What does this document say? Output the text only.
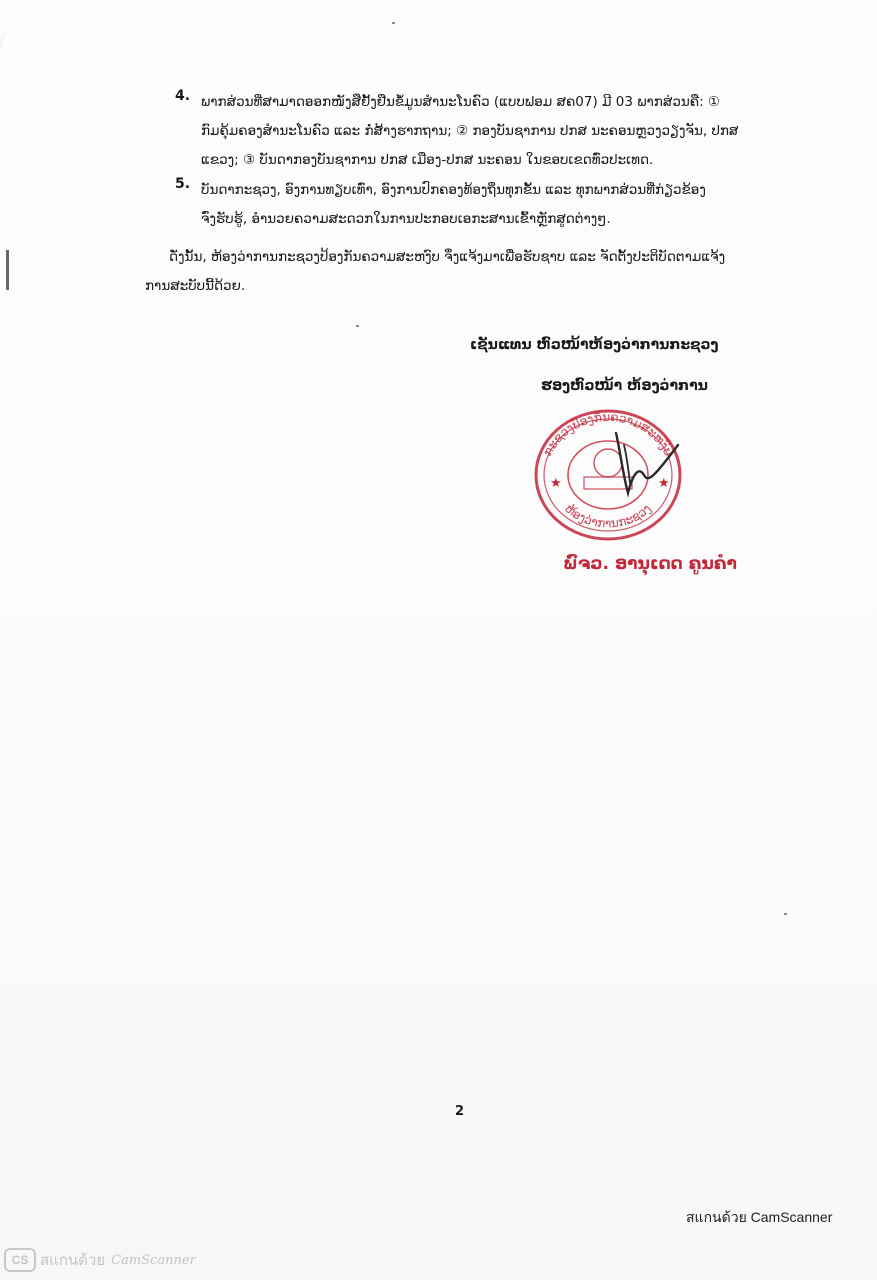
4. ພາກສ່ວນທີ່ສາມາດອອກໜັງສືຢັ້ງຢືນຂໍ້ມູນສໍານະໂນຄົວ (ແບບຟອມ ສຄ07) ມີ 03 ພາກສ່ວນຄື: ①
ກົມຄຸ້ມຄອງສໍານະໂນຄົວ ແລະ ກໍ່ສ້າງຮາກຖານ; ② ກອງບັນຊາການ ປກສ ນະຄອນຫຼວງວຽງຈັນ, ປກສ
ແຂວງ; ③ ບັນດາກອງບັນຊາການ ປກສ ເມືອງ-ປກສ ນະຄອນ ໃນຂອບເຂດທົ່ວປະເທດ.
5. ບັນດາກະຊວງ, ອົງການທຽບເທົ່າ, ອົງການປົກຄອງທ້ອງຖິ່ນທຸກຂັ້ນ ແລະ ທຸກພາກສ່ວນທີ່ກ່ຽວຂ້ອງ
ຈົ່ງຮັບຮູ້, ອໍານວຍຄວາມສະດວກໃນການປະກອບເອກະສານເຂົ້າຫຼັກສູດຕ່າງໆ.
ດັ່ງນັ້ນ, ຫ້ອງວ່າການກະຊວງປ້ອງກັນຄວາມສະຫງົບ ຈຶ່ງແຈ້ງມາເພື່ອຮັບຊາບ ແລະ ຈັດຕັ້ງປະຕິບັດຕາມແຈ້ງ
ການສະບັບນີ້ດ້ວຍ.
ເຊັນແທນ ຫົວໜ້າຫ້ອງວ່າການກະຊວງ
ຮອງຫົວໜ້າ ຫ້ອງວ່າການ
ກະຊວງປ້ອງກັນຄວາມສະຫງົບ
ຫ້ອງວ່າການກະຊວງ
★	★
ພົຈວ. ອານຸເດດ ຄູນຄໍາ
2
สแกนด้วย CamScanner
CS สแกนด้วย CamScanner
